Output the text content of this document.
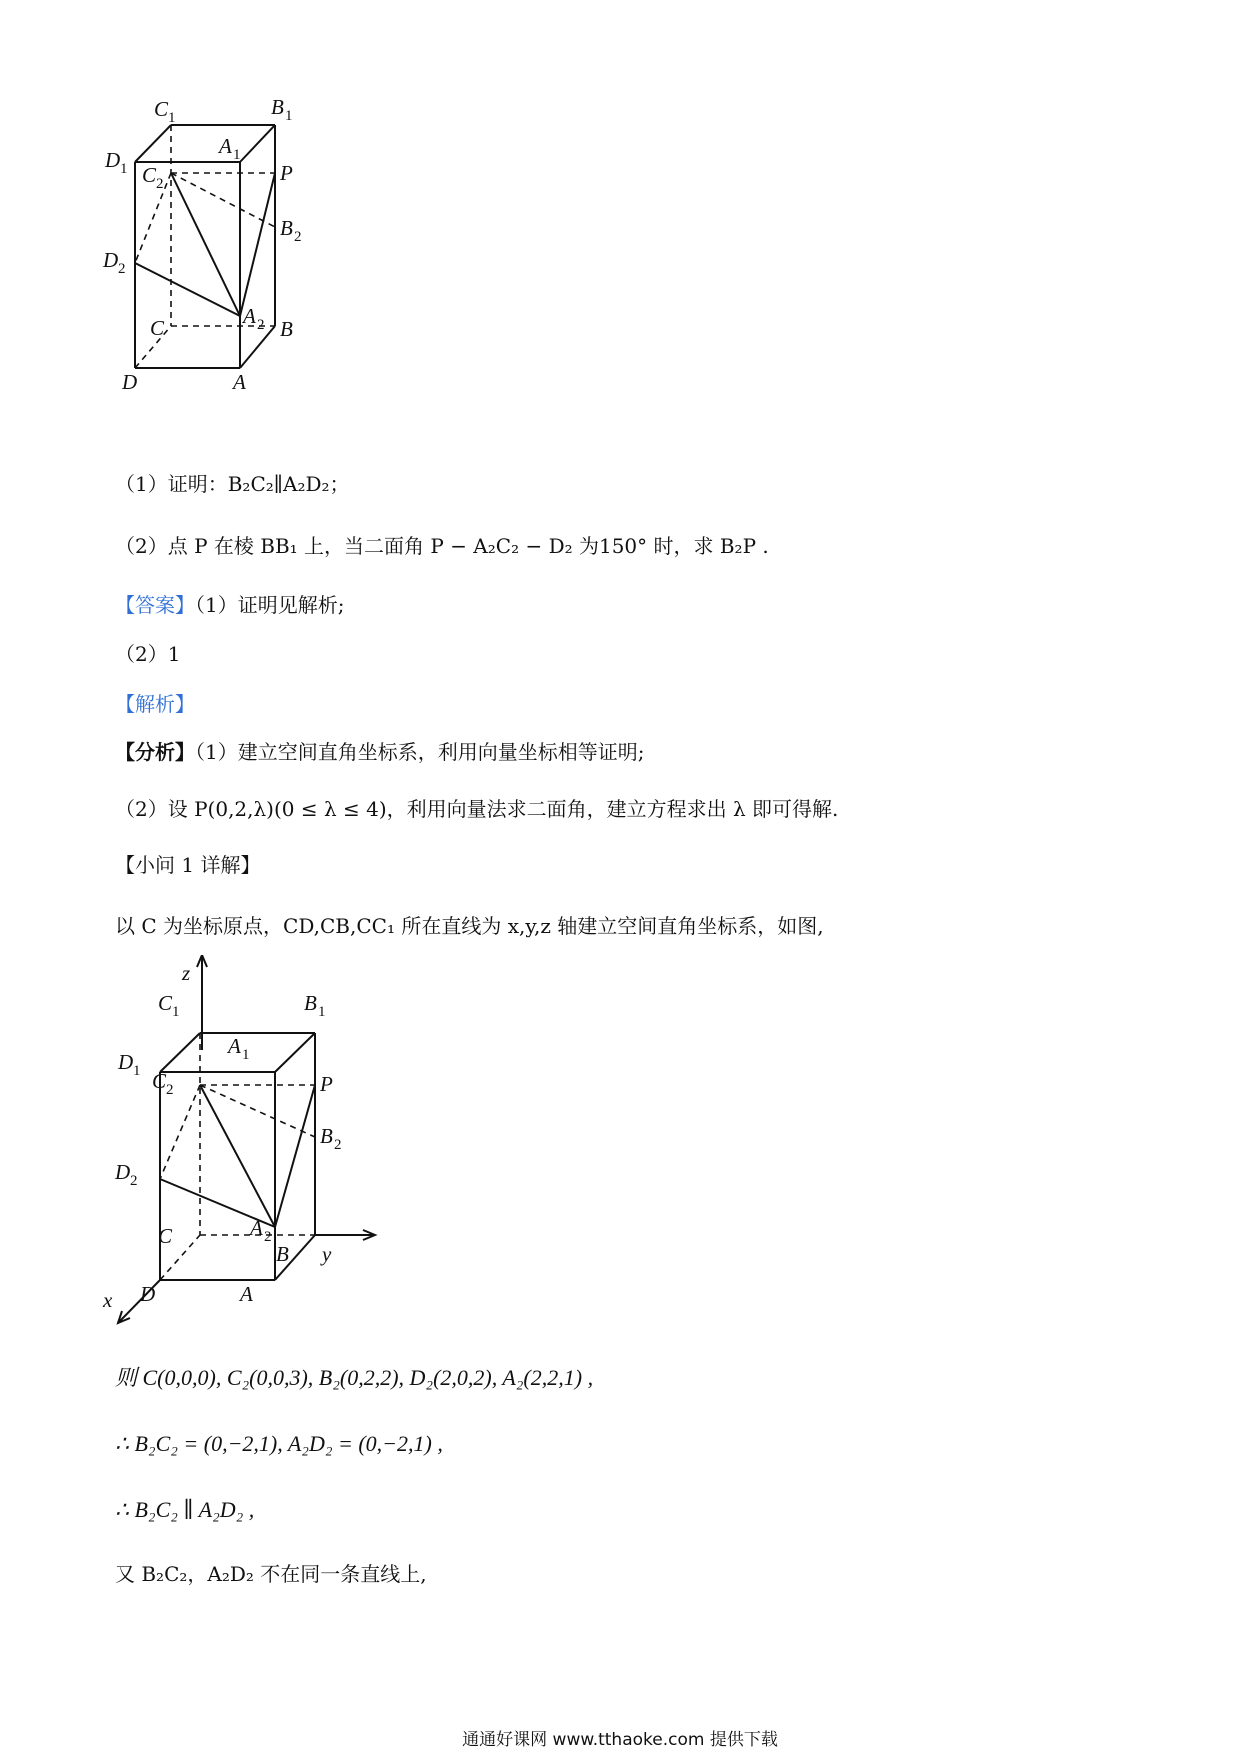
C 1	B 1
D 1
A 1
C 2	P
B 2
D 2
A 2
C	B
D	A
（1）证明：B₂C₂∥A₂D₂；
（2）点 P 在棱 BB₁ 上，当二面角 P − A₂C₂ − D₂ 为150° 时，求 B₂P .
【答案】（1）证明见解析;
（2）1
【解析】
【分析】（1）建立空间直角坐标系，利用向量坐标相等证明;
（2）设 P(0,2,λ)(0 ≤ λ ≤ 4)，利用向量法求二面角，建立方程求出 λ 即可得解.
【小问 1 详解】
以 C 为坐标原点，CD,CB,CC₁ 所在直线为 x,y,z 轴建立空间直角坐标系，如图,
z
C 1	B 1
D 1
A 1
C 2	P
B 2
D 2
A 2
C
B y
D	A
x
则 C(0,0,0), C₂(0,0,3), B₂(0,2,2), D₂(2,0,2), A₂(2,2,1) ,
∴ B₂C₂ = (0,−2,1), A₂D₂ = (0,−2,1) ,
∴ B₂C₂ ∥ A₂D₂ ,
又 B₂C₂，A₂D₂ 不在同一条直线上,
通通好课网 www.tthaoke.com 提供下载
